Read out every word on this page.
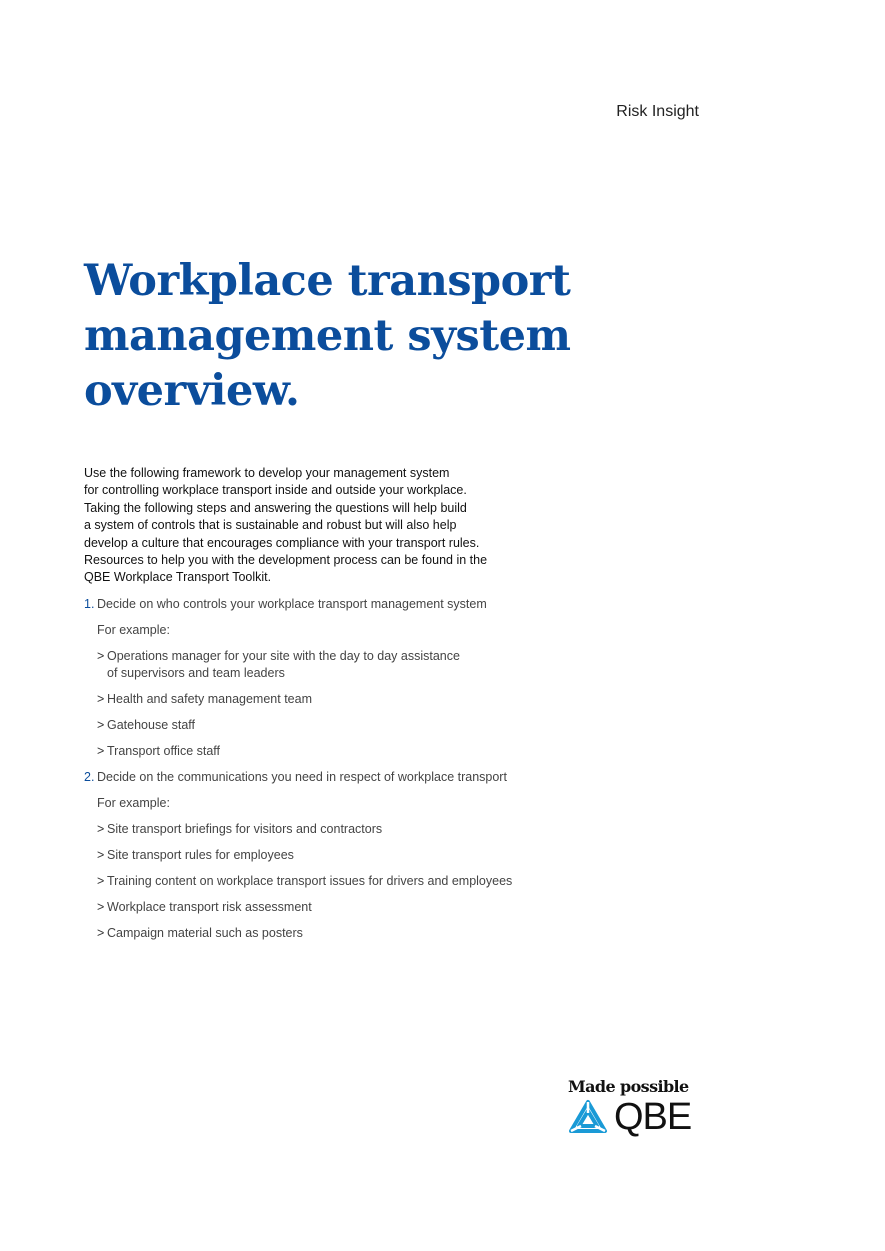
Risk Insight
Workplace transport
management system
overview.
Use the following framework to develop your management system
for controlling workplace transport inside and outside your workplace.
Taking the following steps and answering the questions will help build
a system of controls that is sustainable and robust but will also help
develop a culture that encourages compliance with your transport rules.
Resources to help you with the development process can be found in the
QBE Workplace Transport Toolkit.
1. Decide on who controls your workplace transport management system
For example:
> Operations manager for your site with the day to day assistance
of supervisors and team leaders
> Health and safety management team
> Gatehouse staff
> Transport office staff
2. Decide on the communications you need in respect of workplace transport
For example:
> Site transport briefings for visitors and contractors
> Site transport rules for employees
> Training content on workplace transport issues for drivers and employees
> Workplace transport risk assessment
> Campaign material such as posters
Made possible
QBE
